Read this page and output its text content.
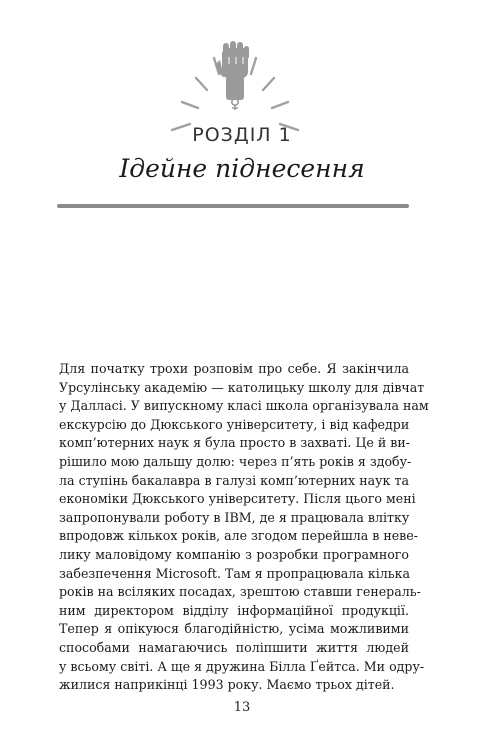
РОЗДІЛ 1
Ідейне піднесення
Для початку трохи розповім про себе. Я закінчила
Урсулінську академію — католицьку школу для дівчат
у Далласі. У випускному класі школа організувала нам
екскурсію до Дюкського університету, і від кафедри
комп’ютерних наук я була просто в захваті. Це й ви-
рішило мою дальшу долю: через п’ять років я здобу-
ла ступінь бакалавра в галузі комп’ютерних наук та
економіки Дюкського університету. Після цього мені
запропонували роботу в IBM, де я працювала влітку
впродовж кількох років, але згодом перейшла в неве-
лику маловідому компанію з розробки програмного
забезпечення Microsoft. Там я пропрацювала кілька
років на всіляких посадах, зрештою ставши генераль-
ним директором відділу інформаційної продукції.
Тепер я опікуюся благодійністю, усіма можливими
способами намагаючись поліпшити життя людей
у всьому світі. А ще я дружина Білла Ґейтса. Ми одру-
жилися наприкінці 1993 року. Маємо трьох дітей.
13
